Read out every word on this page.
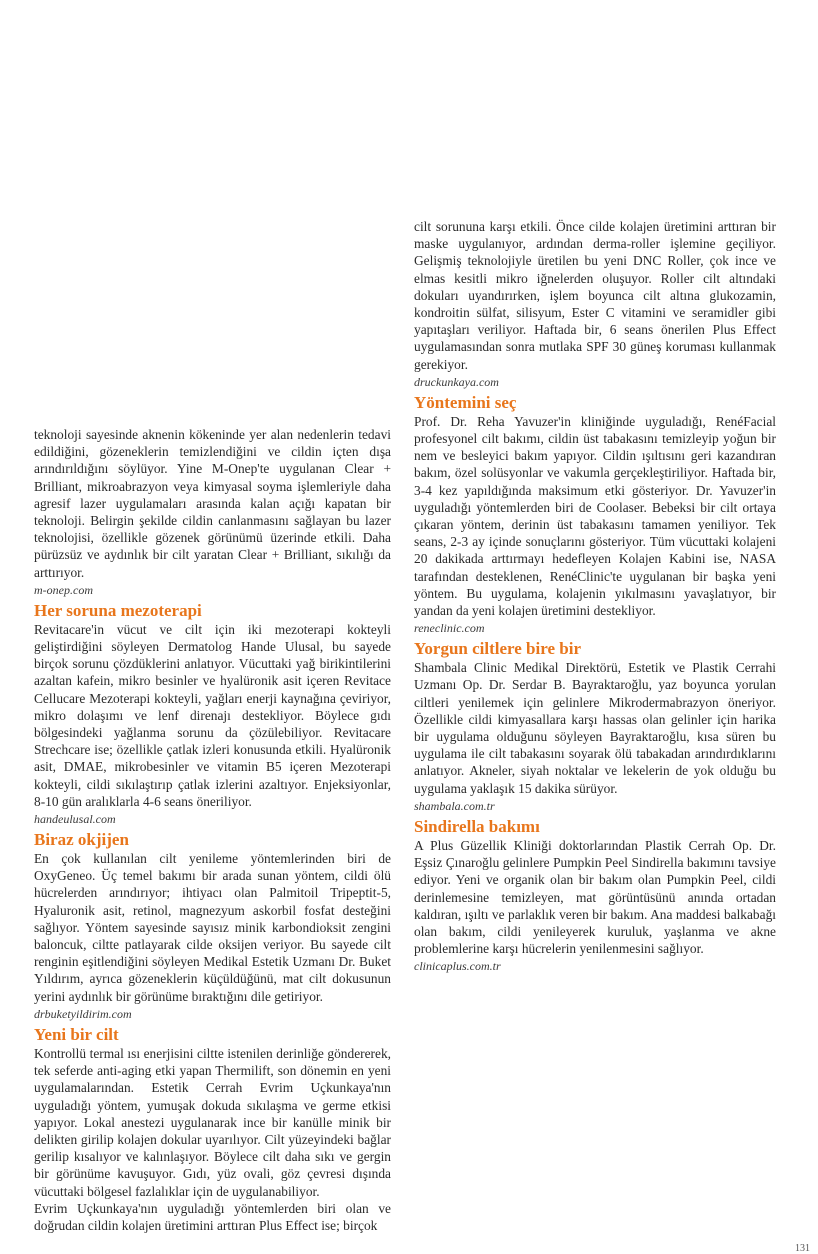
teknoloji sayesinde aknenin kökeninde yer alan nedenlerin tedavi edildiğini, gözeneklerin temizlendiğini ve cildin içten dışa arındırıldığını söylüyor. Yine M-Onep'te uygulanan Clear + Brilliant, mikroabrazyon veya kimyasal soyma işlemleriyle daha agresif lazer uygulamaları arasında kalan açığı kapatan bir teknoloji. Belirgin şekilde cildin canlanmasını sağlayan bu lazer teknolojisi, özellikle gözenek görünümü üzerinde etkili. Daha pürüzsüz ve aydınlık bir cilt yaratan Clear + Brilliant, sıkılığı da arttırıyor.

m-onep.com

Her soruna mezoterapi

Revitacare'in vücut ve cilt için iki mezoterapi kokteyli geliştirdiğini söyleyen Dermatolog Hande Ulusal, bu sayede birçok sorunu çözdüklerini anlatıyor. Vücuttaki yağ birikintilerini azaltan kafein, mikro besinler ve hyalüronik asit içeren Revitace Cellucare Mezoterapi kokteyli, yağları enerji kaynağına çeviriyor, mikro dolaşımı ve lenf direnajı destekliyor. Böylece gıdı bölgesindeki yağlanma sorunu da çözülebiliyor. Revitacare Strechcare ise; özellikle çatlak izleri konusunda etkili. Hyalüronik asit, DMAE, mikrobesinler ve vitamin B5 içeren Mezoterapi kokteyli, cildi sıkılaştırıp çatlak izlerini azaltıyor. Enjeksiyonlar, 8-10 gün aralıklarla 4-6 seans öneriliyor.

handeulusal.com

Biraz okjijen

En çok kullanılan cilt yenileme yöntemlerinden biri de OxyGeneo. Üç temel bakımı bir arada sunan yöntem, cildi ölü hücrelerden arındırıyor; ihtiyacı olan Palmitoil Tripeptit-5, Hyaluronik asit, retinol, magnezyum askorbil fosfat desteğini sağlıyor. Yöntem sayesinde sayısız minik karbondioksit zengini baloncuk, ciltte patlayarak cilde oksijen veriyor. Bu sayede cilt renginin eşitlendiğini söyleyen Medikal Estetik Uzmanı Dr. Buket Yıldırım, ayrıca gözeneklerin küçüldüğünü, mat cilt dokusunun yerini aydınlık bir görünüme bıraktığını dile getiriyor.

drbuketyildirim.com

Yeni bir cilt

Kontrollü termal ısı enerjisini ciltte istenilen derinliğe göndererek, tek seferde anti-aging etki yapan Thermilift, son dönemin en yeni uygulamalarından. Estetik Cerrah Evrim Uçkunkaya'nın uyguladığı yöntem, yumuşak dokuda sıkılaşma ve germe etkisi yapıyor. Lokal anestezi uygulanarak ince bir kanülle minik bir delikten girilip kolajen dokular uyarılıyor. Cilt yüzeyindeki bağlar gerilip kısalıyor ve kalınlaşıyor. Böylece cilt daha sıkı ve gergin bir görünüme kavuşuyor. Gıdı, yüz ovali, göz çevresi dışında vücuttaki bölgesel fazlalıklar için de uygulanabiliyor.

Evrim Uçkunkaya'nın uyguladığı yöntemlerden biri olan ve doğrudan cildin kolajen üretimini arttıran Plus Effect ise; birçok

cilt sorununa karşı etkili. Önce cilde kolajen üretimini arttıran bir maske uygulanıyor, ardından derma-roller işlemine geçiliyor. Gelişmiş teknolojiyle üretilen bu yeni DNC Roller, çok ince ve elmas kesitli mikro iğnelerden oluşuyor. Roller cilt altındaki dokuları uyandırırken, işlem boyunca cilt altına glukozamin, kondroitin sülfat, silisyum, Ester C vitamini ve seramidler gibi yapıtaşları veriliyor. Haftada bir, 6 seans önerilen Plus Effect uygulamasından sonra mutlaka SPF 30 güneş koruması kullanmak gerekiyor.

druckunkaya.com

Yöntemini seç

Prof. Dr. Reha Yavuzer'in kliniğinde uyguladığı, RenéFacial profesyonel cilt bakımı, cildin üst tabakasını temizleyip yoğun bir nem ve besleyici bakım yapıyor. Cildin ışıltısını geri kazandıran bakım, özel solüsyonlar ve vakumla gerçekleştiriliyor. Haftada bir, 3-4 kez yapıldığında maksimum etki gösteriyor. Dr. Yavuzer'in uyguladığı yöntemlerden biri de Coolaser. Bebeksi bir cilt ortaya çıkaran yöntem, derinin üst tabakasını tamamen yeniliyor. Tek seans, 2-3 ay içinde sonuçlarını gösteriyor. Tüm vücuttaki kolajeni 20 dakikada arttırmayı hedefleyen Kolajen Kabini ise, NASA tarafından desteklenen, RenéClinic'te uygulanan bir başka yeni yöntem. Bu uygulama, kolajenin yıkılmasını yavaşlatıyor, bir yandan da yeni kolajen üretimini destekliyor.

reneclinic.com

Yorgun ciltlere bire bir

Shambala Clinic Medikal Direktörü, Estetik ve Plastik Cerrahi Uzmanı Op. Dr. Serdar B. Bayraktaroğlu, yaz boyunca yorulan ciltleri yenilemek için gelinlere Mikrodermabrazyon öneriyor. Özellikle cildi kimyasallara karşı hassas olan gelinler için harika bir uygulama olduğunu söyleyen Bayraktaroğlu, kısa süren bu uygulama ile cilt tabakasını soyarak ölü tabakadan arındırdıklarını anlatıyor. Akneler, siyah noktalar ve lekelerin de yok olduğu bu uygulama yaklaşık 15 dakika sürüyor.

shambala.com.tr

Sindirella bakımı

A Plus Güzellik Kliniği doktorlarından Plastik Cerrah Op. Dr. Eşsiz Çınaroğlu gelinlere Pumpkin Peel Sindirella bakımını tavsiye ediyor. Yeni ve organik olan bir bakım olan Pumpkin Peel, cildi derinlemesine temizleyen, mat görüntüsünü anında ortadan kaldıran, ışıltı ve parlaklık veren bir bakım. Ana maddesi balkabağı olan bakım, cildi yenileyerek kuruluk, yaşlanma ve akne problemlerine karşı hücrelerin yenilenmesini sağlıyor.

clinicaplus.com.tr

131
